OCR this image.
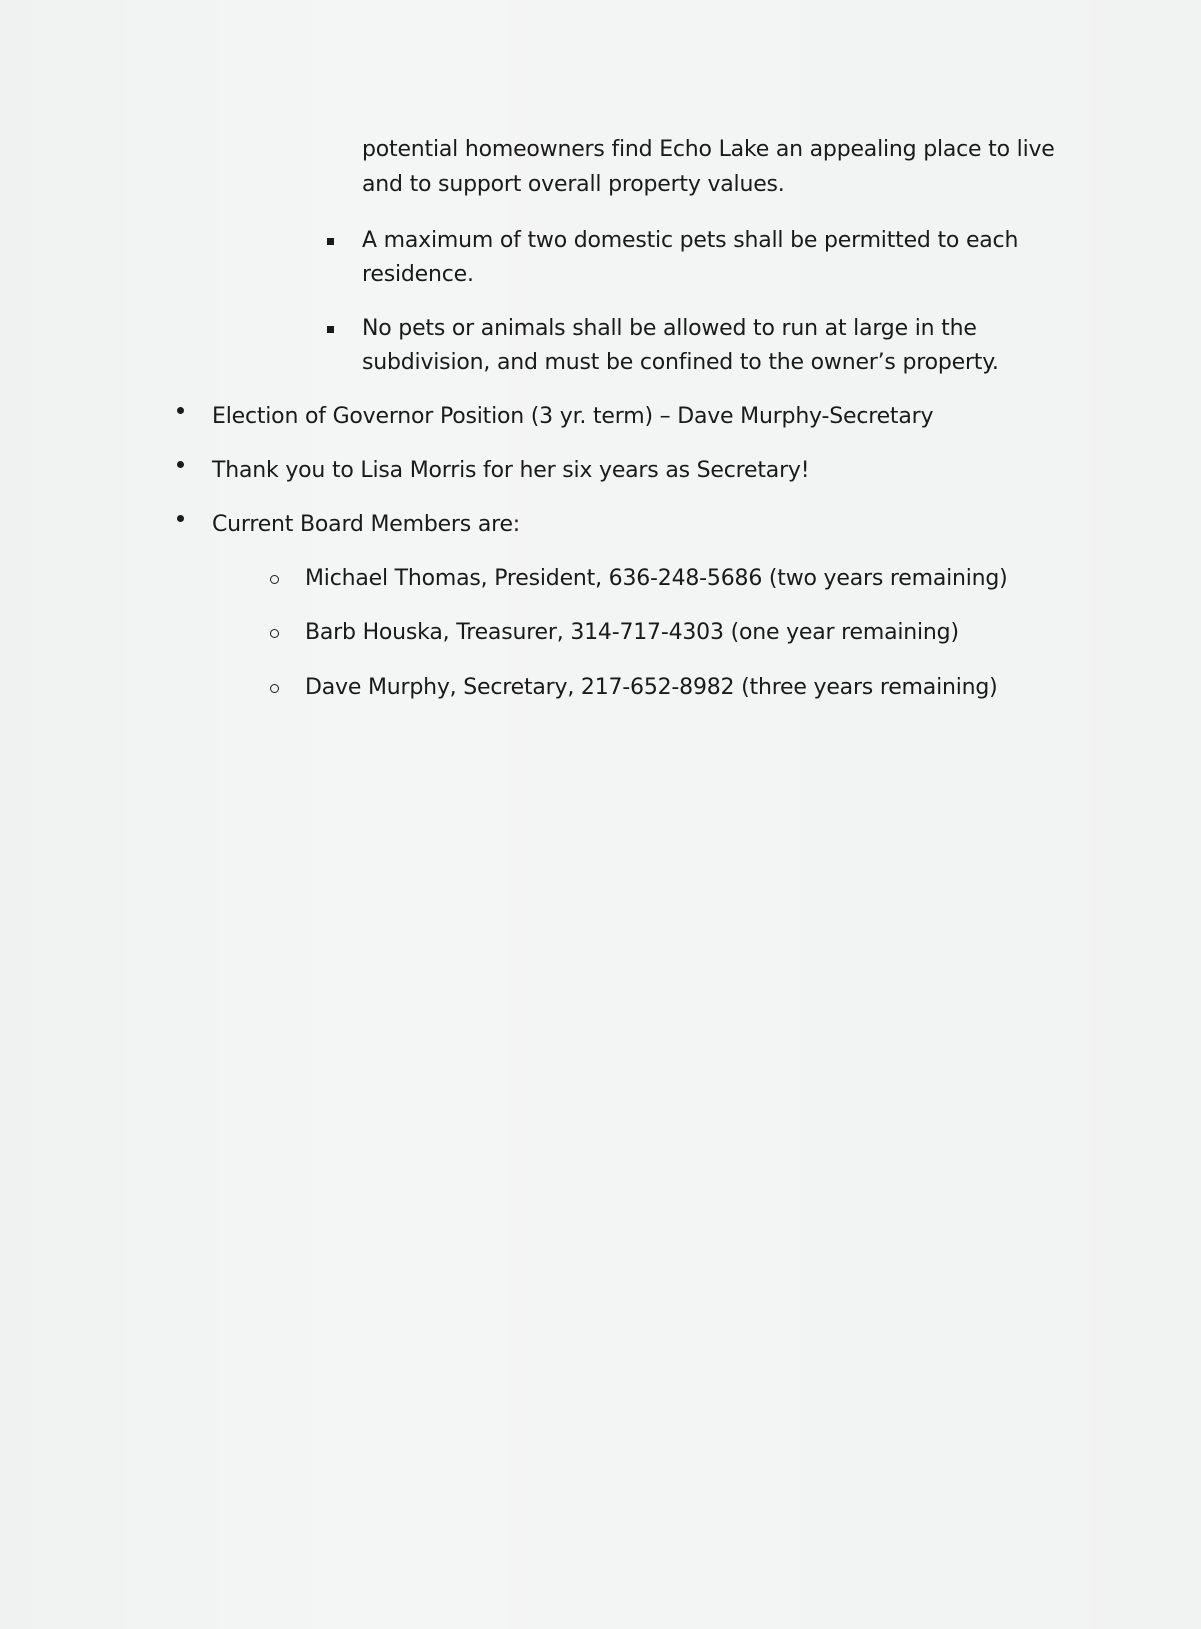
potential homeowners find Echo Lake an appealing place to live
and to support overall property values.
A maximum of two domestic pets shall be permitted to each
residence.
No pets or animals shall be allowed to run at large in the
subdivision, and must be confined to the owner’s property.
Election of Governor Position (3 yr. term) – Dave Murphy-Secretary
Thank you to Lisa Morris for her six years as Secretary!
Current Board Members are:
Michael Thomas, President, 636-248-5686 (two years remaining)
Barb Houska, Treasurer, 314-717-4303 (one year remaining)
Dave Murphy, Secretary, 217-652-8982 (three years remaining)
